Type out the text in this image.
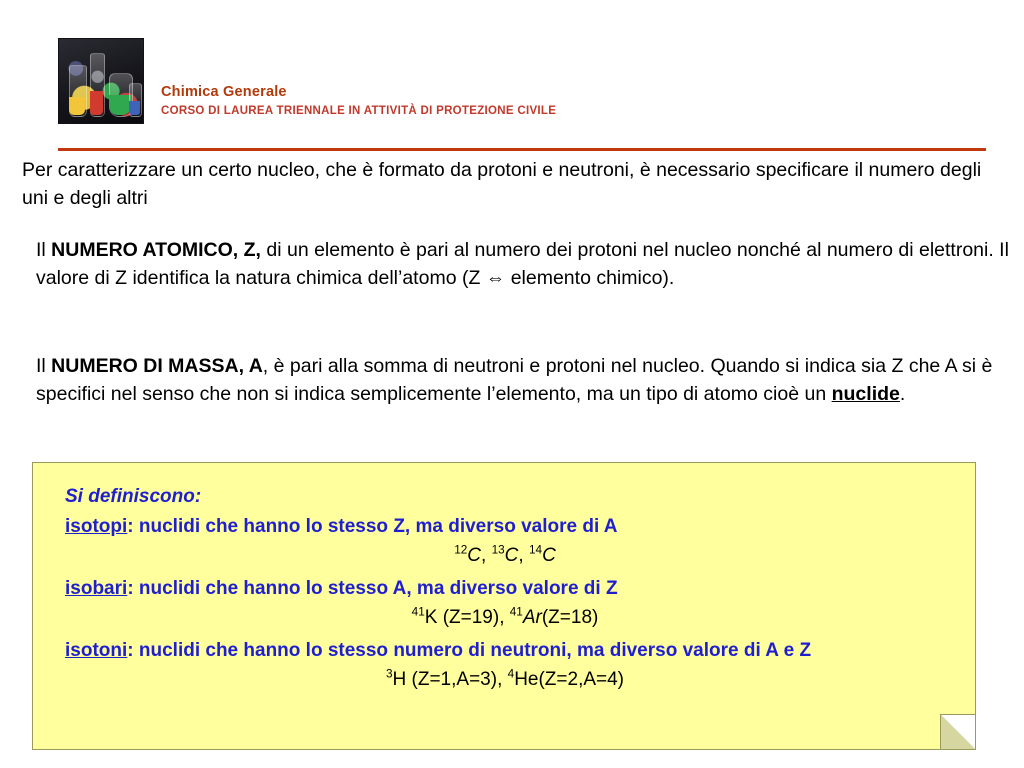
Chimica Generale
CORSO DI LAUREA TRIENNALE IN ATTIVITÀ DI PROTEZIONE CIVILE
Per caratterizzare un certo nucleo, che è formato da protoni e neutroni, è necessario specificare il numero degli uni e degli altri
Il NUMERO ATOMICO, Z, di un elemento è pari al numero dei protoni nel nucleo nonché al numero di elettroni. Il valore di Z identifica la natura chimica dell’atomo (Z ⇔ elemento chimico).
Il NUMERO DI MASSA, A, è pari alla somma di neutroni e protoni nel nucleo. Quando si indica sia Z che A si è specifici nel senso che non si indica semplicemente l’elemento, ma un tipo di atomo cioè un nuclide.
Si definiscono:
isotopi: nuclidi che hanno lo stesso Z, ma diverso valore di A
$^{12}$C, $^{13}$C, $^{14}$C
isobari: nuclidi che hanno lo stesso A, ma diverso valore di Z
$^{41}$K (Z=19), $^{41}$Ar(Z=18)
isotoni: nuclidi che hanno lo stesso numero di neutroni, ma diverso valore di A e Z
$^3$H (Z=1,A=3), $^4$He(Z=2,A=4)
